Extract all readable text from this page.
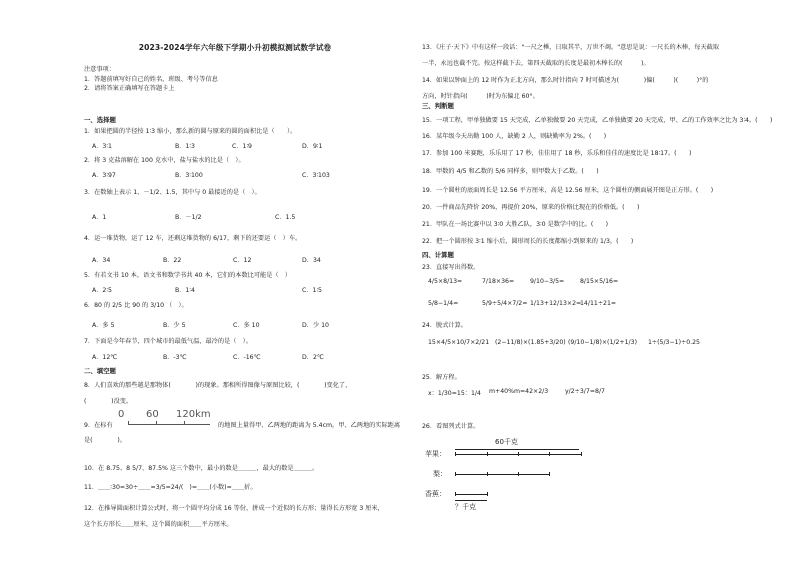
2023-2024学年六年级下学期小升初模拟测试数学试卷
注意事项：
1．答题前填写好自己的姓名、班级、考号等信息
2．请将答案正确填写在答题卡上
0 60 120km
60千克
苹果：
梨：
香蕉：
？千克
一、选择题
1．如果把圆的半径按 1∶3 缩小，那么新的圆与原来的圆的面积比是（　　）。
A．3∶1	B．1∶3	C．1∶9	D．9∶1
2．将 3 克盐溶解在 100 克水中，盐与盐水的比是（　）。
A．3∶97	B．3∶100	C．3∶103
3．在数轴上表示 1、－1/2、1.5，其中与 0 最接近的是（　）。
A．1	B．－1/2	C．1.5
4．运一堆货物，运了 12 车，还剩这堆货物的 6/17，剩下的还要运（　）车。
A．34	B．22	C．12	D．34
5．有若文书 10 本，语文书和数学书共 40 本，它们的本数比可能是（　）
A．2∶5	B．1∶4	C．1∶5
6．80 的 2/5 比 90 的 3/10 （　）。
A．多 5	B．少 5	C．多 10	D．少 10
7．下面是今年春节，四个城市的最低气温，最冷的是（　）。
A．12℃	B．-3℃	C．-16℃	D．2℃
二、填空题
8．人们喜欢的那些越是那物体(　　　　)的现象。那相所得图像与原图比较，(　　　　)变化了，
(　　　　)没变。
9．在标有	的地图上量得甲、乙两地的距离为 5.4cm。甲、乙两地的实际距离
是(　　　　)。
10．在 8.75、8 5/7、87.5% 这三个数中，最小的数是＿＿＿，最大的数是＿＿＿。
11．＿＿∶30=30÷＿＿=3/5=24/(　)=＿＿(小数)=＿＿折。
12．在推导圆面积计算公式时，将一个圆平均分成 16 等份，拼成一个近似的长方形；量得长方形宽 3 厘米，
这个长方形长＿＿厘米，这个圆的面积＿＿平方厘米。
13．《庄子·天下》中有这样一段话："一尺之棰，日取其半，万世不竭。"意思是说：一尺长的木棒，每天截取
一半，永远也截不完。按这样截下去，第四天截取的长度是最初木棒长的(　　　)。
14．如果以钟面上的 12 时作为正北方向，那么时针指向 7 时可描述为(　　　　)偏(　　　)(　　　)°的
方向，时针指向(　　　)时为东偏北 60°。
三、判断题
15．一项工程，甲单独做要 15 天完成，乙单独做要 20 天完成，乙单独做要 20 天完成，甲、乙的工作效率之比为 3∶4。(　　)
16．某年级今天出勤 100 人，缺勤 2 人，则缺勤率为 2%。(　　)
17．参加 100 米赛跑，乐乐用了 17 秒，佳佳用了 18 秒，乐乐和佳佳的速度比是 18∶17。(　　)
18．甲数的 4/5 和乙数的 5/6 同样多，则甲数大于乙数。(　　)
19．一个圆柱的底面周长是 12.56 平方厘米，高是 12.56 厘米，这个圆柱的侧面展开图是正方形。(　　)
20．一件商品先降价 20%，再提价 20%，原来的价格比现在的价格低。(　　)
21．甲队在一场比赛中以 3∶0 大胜乙队，3∶0 是数学中的比。(　　)
22．把一个圆形按 3∶1 缩小后，圆形周长的长度都缩小到原来的 1/3。(　　)
四、计算题
23．直接写出得数。
4/5×8/13=	7/18×36=	9/10−3/5=	8/15×5/16=
5/8−1/4=	5/9÷5/4×7/2= 1/13+12/13×2=
14/11÷21=
24．脱式计算。
15×4/5×10/7×2/21 (2−11/8)×(1.85+3/20) (9/10−1/8)×(1/2+1/3) 1÷(5/3−1)÷0.25
25．解方程。
x：1/30=15：1/4 m+40%m=42×2/3	y/2÷3/7=8/7
26．看图列式计算。
